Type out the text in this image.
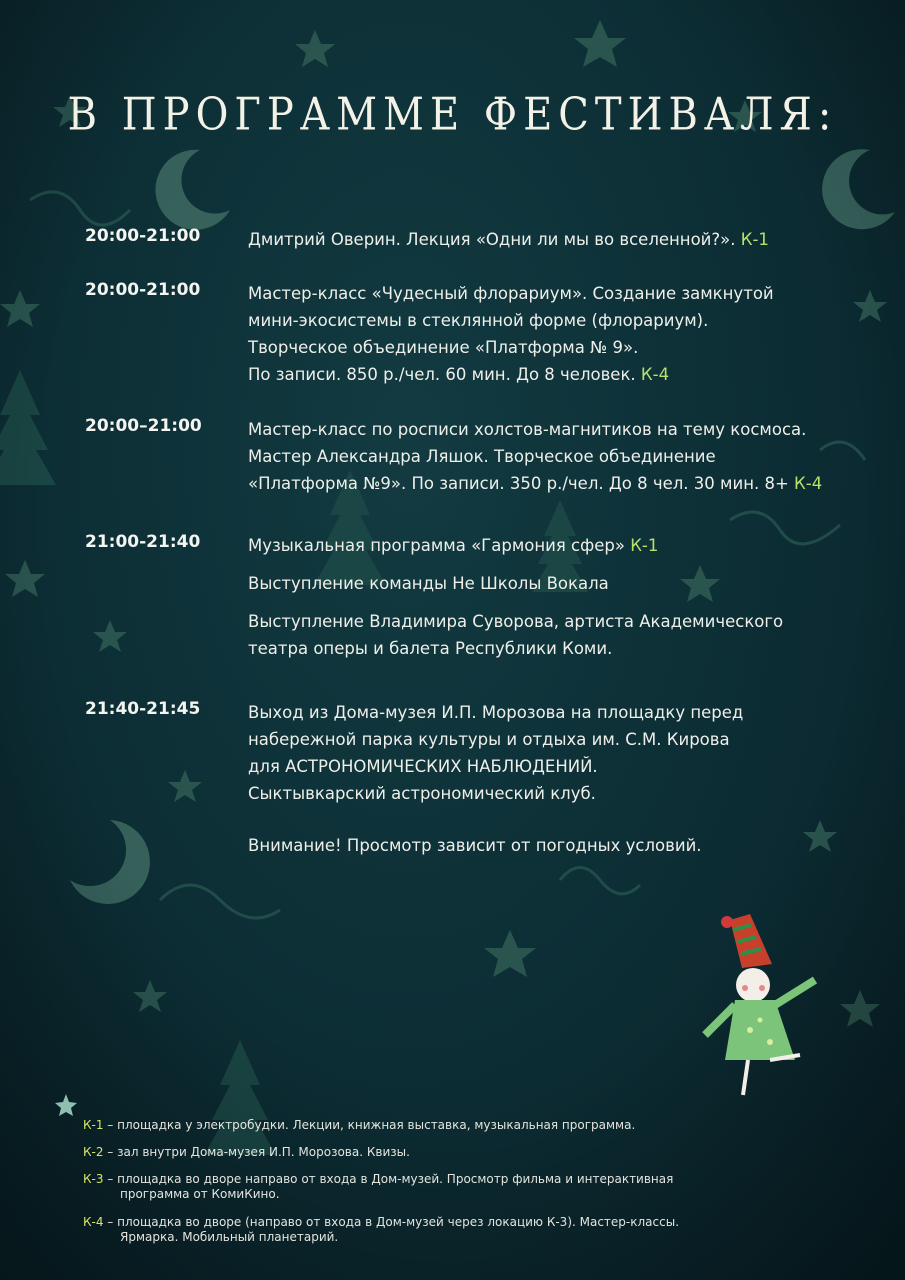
В ПРОГРАММЕ ФЕСТИВАЛЯ:
20:00-21:00	Дмитрий Оверин. Лекция «Одни ли мы во вселенной?». К-1

20:00-21:00	Мастер-класс «Чудесный флорариум». Создание замкнутой

мини-экосистемы в стеклянной форме (флорариум).

Творческое объединение «Платформа № 9».

По записи. 850 р./чел. 60 мин. До 8 человек. К-4

20:00–21:00	Мастер-класс по росписи холстов-магнитиков на тему космоса.

Мастер Александра Ляшок. Творческое объединение

«Платформа №9». По записи. 350 р./чел. До 8 чел. 30 мин. 8+ К-4

21:00-21:40	Музыкальная программа «Гармония сфер» К-1

Выступление команды Не Школы Вокала

Выступление Владимира Суворова, артиста Академического

театра оперы и балета Республики Коми.

21:40-21:45	Выход из Дома-музея И.П. Морозова на площадку перед

набережной парка культуры и отдыха им. С.М. Кирова

для АСТРОНОМИЧЕСКИХ НАБЛЮДЕНИЙ.

Сыктывкарский астрономический клуб.

Внимание! Просмотр зависит от погодных условий.

К-1 – площадка у электробудки. Лекции, книжная выставка, музыкальная программа.
К-2 – зал внутри Дома-музея И.П. Морозова. Квизы.
К-3 – площадка во дворе направо от входа в Дом-музей. Просмотр фильма и интерактивная
программа от КомиКино.
К-4 – площадка во дворе (направо от входа в Дом-музей через локацию К-3). Мастер-классы.
Ярмарка. Мобильный планетарий.
